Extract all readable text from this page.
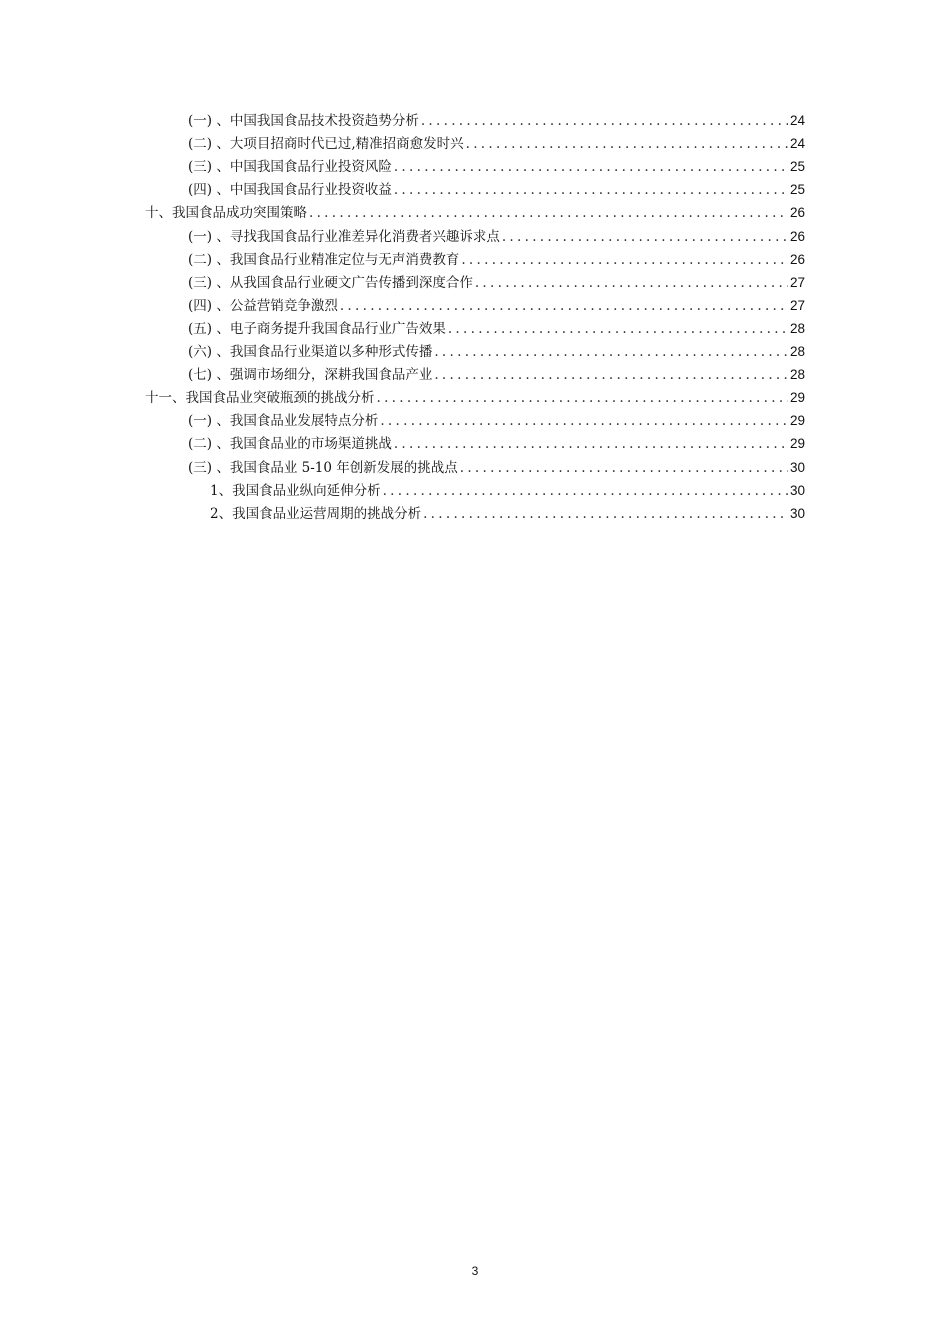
(一) 、中国我国食品技术投资趋势分析 .....	24
(二) 、大项目招商时代已过,精准招商愈发时兴 .....	24
(三) 、中国我国食品行业投资风险 .....	25
(四) 、中国我国食品行业投资收益 .....	25
十、我国食品成功突围策略 .....	26
(一) 、寻找我国食品行业准差异化消费者兴趣诉求点 .....	26
(二) 、我国食品行业精准定位与无声消费教育 .....	26
(三) 、从我国食品行业硬文广告传播到深度合作 .....	27
(四) 、公益营销竞争激烈 .....	27
(五) 、电子商务提升我国食品行业广告效果 .....	28
(六) 、我国食品行业渠道以多种形式传播 .....	28
(七) 、强调市场细分，深耕我国食品产业 .....	28
十一、我国食品业突破瓶颈的挑战分析 .....	29
(一) 、我国食品业发展特点分析 .....	29
(二) 、我国食品业的市场渠道挑战 .....	29
(三) 、我国食品业 5-10 年创新发展的挑战点 .....	30
1、我国食品业纵向延伸分析 .....	30
2、我国食品业运营周期的挑战分析 .....	30
3
